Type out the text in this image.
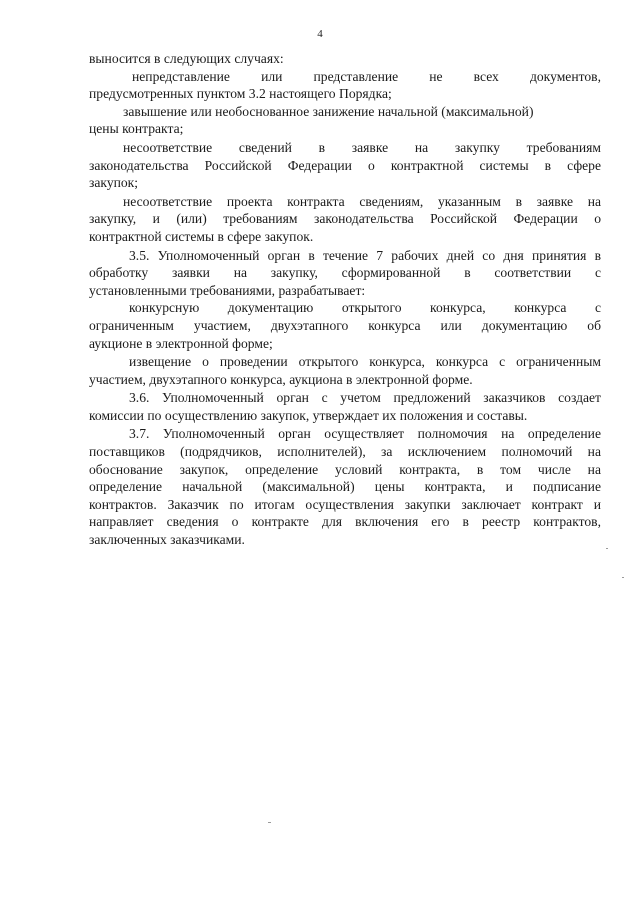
4
выносится в следующих случаях:
непредставление или представление не всех документов,
предусмотренных пунктом 3.2 настоящего Порядка;
завышение или необоснованное занижение начальной (максимальной)
цены контракта;
несоответствие сведений в заявке на закупку требованиям
законодательства Российской Федерации о контрактной системы в сфере
закупок;
несоответствие проекта контракта сведениям, указанным в заявке на
закупку, и (или) требованиям законодательства Российской Федерации о
контрактной системы в сфере закупок.
3.5. Уполномоченный орган в течение 7 рабочих дней со дня принятия в
обработку заявки на закупку, сформированной в соответствии с
установленными требованиями, разрабатывает:
конкурсную документацию открытого конкурса, конкурса с
ограниченным участием, двухэтапного конкурса или документацию об
аукционе в электронной форме;
извещение о проведении открытого конкурса, конкурса с ограниченным
участием, двухэтапного конкурса, аукциона в электронной форме.
3.6. Уполномоченный орган с учетом предложений заказчиков создает
комиссии по осуществлению закупок, утверждает их положения и составы.
3.7. Уполномоченный орган осуществляет полномочия на определение
поставщиков (подрядчиков, исполнителей), за исключением полномочий на
обоснование закупок, определение условий контракта, в том числе на
определение начальной (максимальной) цены контракта, и подписание
контрактов. Заказчик по итогам осуществления закупки заключает контракт и
направляет сведения о контракте для включения его в реестр контрактов,
заключенных заказчиками.
